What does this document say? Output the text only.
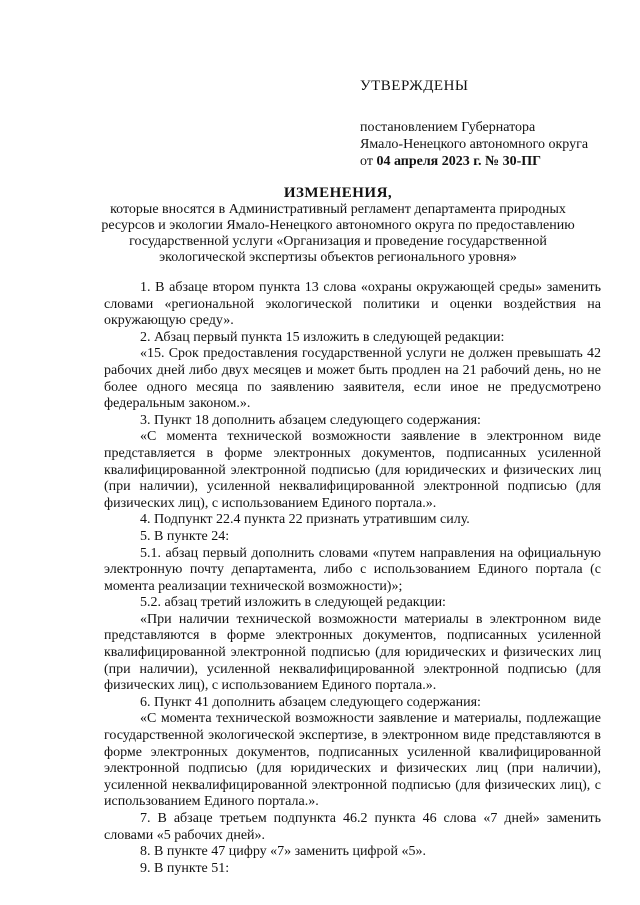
УТВЕРЖДЕНЫ
постановлением Губернатора
Ямало-Ненецкого автономного округа
от 04 апреля 2023 г. № 30-ПГ
ИЗМЕНЕНИЯ,
которые вносятся в Административный регламент департамента природных ресурсов и экологии Ямало-Ненецкого автономного округа по предоставлению государственной услуги «Организация и проведение государственной экологической экспертизы объектов регионального уровня»

1. В абзаце втором пункта 13 слова «охраны окружающей среды» заменить словами «региональной экологической политики и оценки воздействия на окружающую среду».

2. Абзац первый пункта 15 изложить в следующей редакции:

«15. Срок предоставления государственной услуги не должен превышать 42 рабочих дней либо двух месяцев и может быть продлен на 21 рабочий день, но не более одного месяца по заявлению заявителя, если иное не предусмотрено федеральным законом.».

3. Пункт 18 дополнить абзацем следующего содержания:

«С момента технической возможности заявление в электронном виде представляется в форме электронных документов, подписанных усиленной квалифицированной электронной подписью (для юридических и физических лиц (при наличии), усиленной неквалифицированной электронной подписью (для физических лиц), с использованием Единого портала.».

4. Подпункт 22.4 пункта 22 признать утратившим силу.

5. В пункте 24:

5.1. абзац первый дополнить словами «путем направления на официальную электронную почту департамента, либо с использованием Единого портала (с момента реализации технической возможности)»;

5.2. абзац третий изложить в следующей редакции:

«При наличии технической возможности материалы в электронном виде представляются в форме электронных документов, подписанных усиленной квалифицированной электронной подписью (для юридических и физических лиц (при наличии), усиленной неквалифицированной электронной подписью (для физических лиц), с использованием Единого портала.».

6. Пункт 41 дополнить абзацем следующего содержания:

«С момента технической возможности заявление и материалы, подлежащие государственной экологической экспертизе, в электронном виде представляются в форме электронных документов, подписанных усиленной квалифицированной электронной подписью (для юридических и физических лиц (при наличии), усиленной неквалифицированной электронной подписью (для физических лиц), с использованием Единого портала.».

7. В абзаце третьем подпункта 46.2 пункта 46 слова «7 дней» заменить словами «5 рабочих дней».

8. В пункте 47 цифру «7» заменить цифрой «5».

9. В пункте 51:
